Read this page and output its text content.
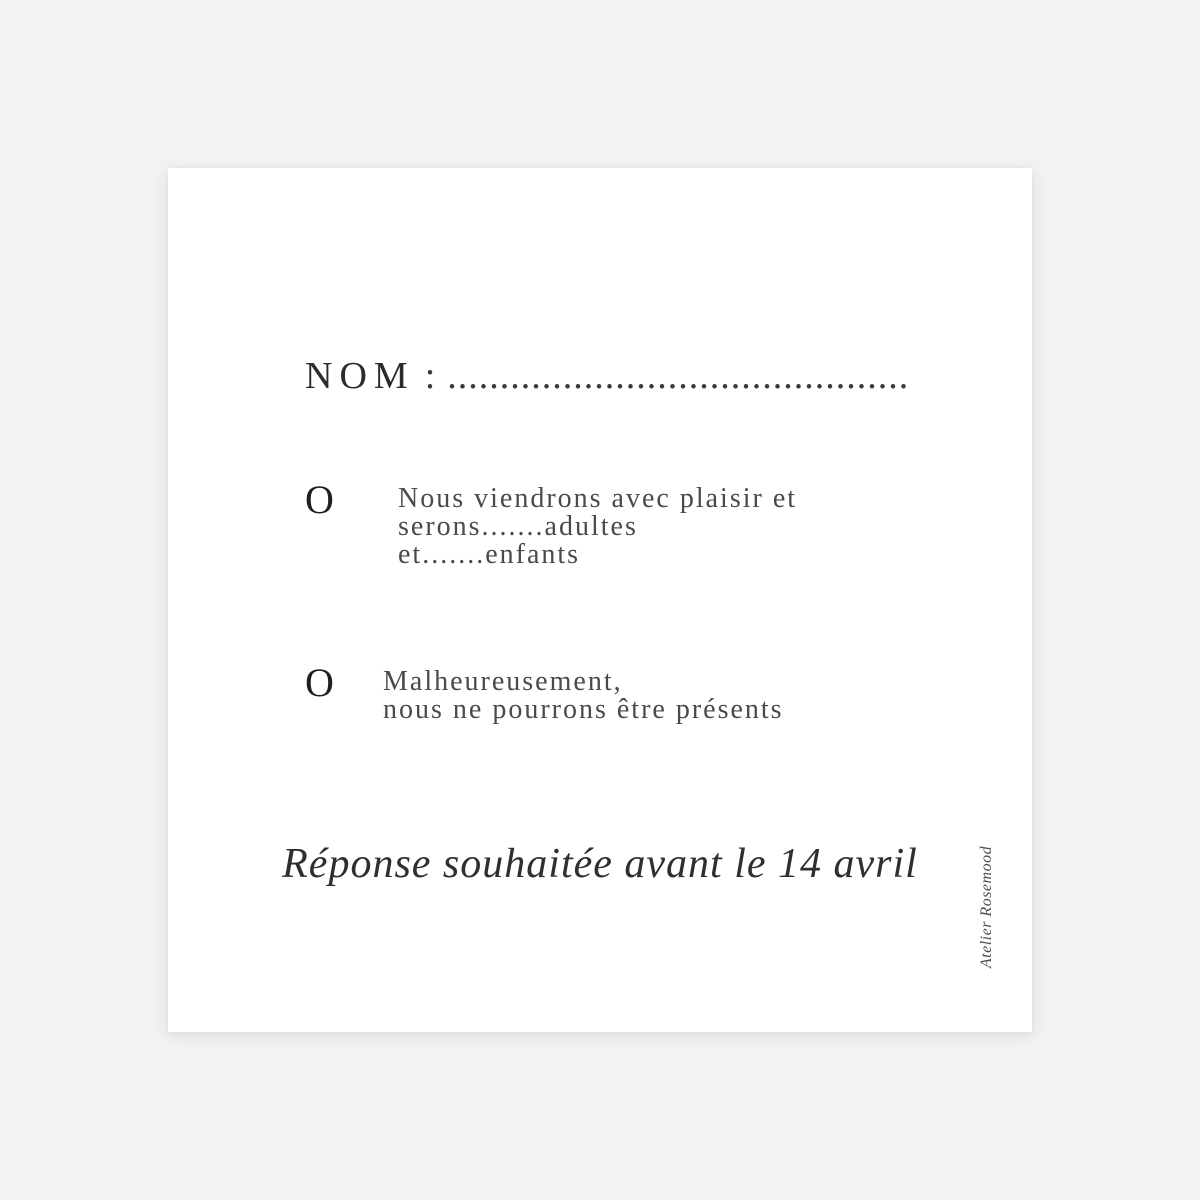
NOM : ............................................
O Nous viendrons avec plaisir et
serons.......adultes
et.......enfants
O Malheureusement,
nous ne pourrons être présents
Réponse souhaitée avant le 14 avril	Atelier Rosemood
